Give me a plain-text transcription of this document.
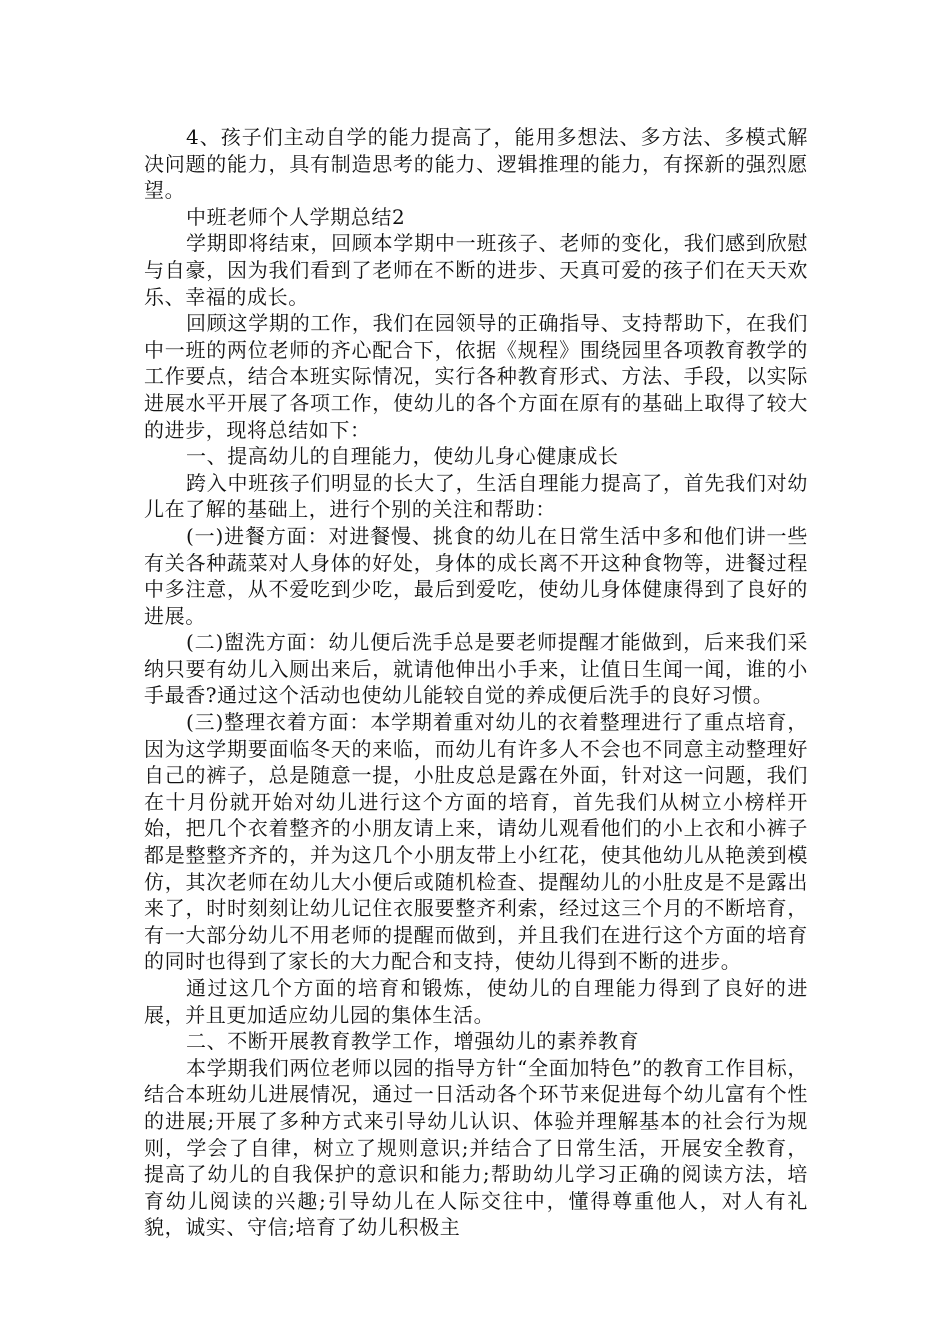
4、孩子们主动自学的能力提高了，能用多想法、多方法、多模式解决问题的能力，具有制造思考的能力、逻辑推理的能力，有探新的强烈愿望。

中班老师个人学期总结2

学期即将结束，回顾本学期中一班孩子、老师的变化，我们感到欣慰与自豪，因为我们看到了老师在不断的进步、天真可爱的孩子们在天天欢乐、幸福的成长。

回顾这学期的工作，我们在园领导的正确指导、支持帮助下，在我们中一班的两位老师的齐心配合下，依据《规程》围绕园里各项教育教学的工作要点，结合本班实际情况，实行各种教育形式、方法、手段，以实际进展水平开展了各项工作，使幼儿的各个方面在原有的基础上取得了较大的进步，现将总结如下：

一、提高幼儿的自理能力，使幼儿身心健康成长

跨入中班孩子们明显的长大了，生活自理能力提高了，首先我们对幼儿在了解的基础上，进行个别的关注和帮助：

(一)进餐方面：对进餐慢、挑食的幼儿在日常生活中多和他们讲一些有关各种蔬菜对人身体的好处，身体的成长离不开这种食物等，进餐过程中多注意，从不爱吃到少吃，最后到爱吃，使幼儿身体健康得到了良好的进展。

(二)盥洗方面：幼儿便后洗手总是要老师提醒才能做到，后来我们采纳只要有幼儿入厕出来后，就请他伸出小手来，让值日生闻一闻，谁的小手最香?通过这个活动也使幼儿能较自觉的养成便后洗手的良好习惯。

(三)整理衣着方面：本学期着重对幼儿的衣着整理进行了重点培育，因为这学期要面临冬天的来临，而幼儿有许多人不会也不同意主动整理好自己的裤子，总是随意一提，小肚皮总是露在外面，针对这一问题，我们在十月份就开始对幼儿进行这个方面的培育，首先我们从树立小榜样开始，把几个衣着整齐的小朋友请上来，请幼儿观看他们的小上衣和小裤子都是整整齐齐的，并为这几个小朋友带上小红花，使其他幼儿从艳羡到模仿，其次老师在幼儿大小便后或随机检查、提醒幼儿的小肚皮是不是露出来了，时时刻刻让幼儿记住衣服要整齐利索，经过这三个月的不断培育，有一大部分幼儿不用老师的提醒而做到，并且我们在进行这个方面的培育的同时也得到了家长的大力配合和支持，使幼儿得到不断的进步。

通过这几个方面的培育和锻炼，使幼儿的自理能力得到了良好的进展，并且更加适应幼儿园的集体生活。

二、不断开展教育教学工作，增强幼儿的素养教育

本学期我们两位老师以园的指导方针“全面加特色”的教育工作目标，结合本班幼儿进展情况，通过一日活动各个环节来促进每个幼儿富有个性的进展;开展了多种方式来引导幼儿认识、体验并理解基本的社会行为规则，学会了自律，树立了规则意识;并结合了日常生活，开展安全教育，提高了幼儿的自我保护的意识和能力;帮助幼儿学习正确的阅读方法，培育幼儿阅读的兴趣;引导幼儿在人际交往中，懂得尊重他人，对人有礼貌，诚实、守信;培育了幼儿积极主
